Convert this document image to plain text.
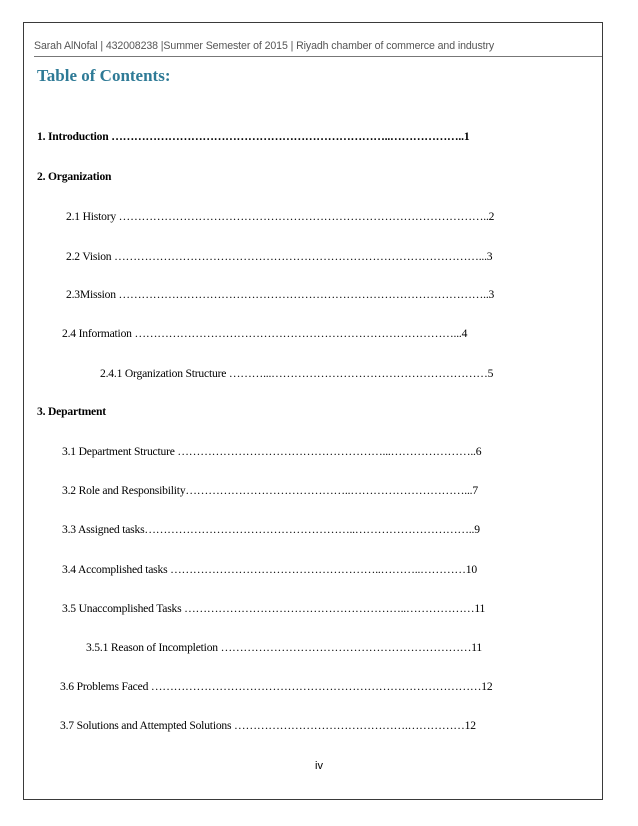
Sarah AlNofal | 432008238 |Summer Semester of 2015 | Riyadh chamber of commerce and industry
Table of Contents:
1. Introduction ………………………………………………………………..………………..1
2. Organization
2.1 History ……………………………………………………………………………………..2
2.2 Vision ……………………………………………………………………………………...3
2.3Mission ……………………………………………………………………………………..3
2.4 Information …………………………………………………………………………...4
2.4.1 Organization Structure ………...…………………………………………………5
3. Department
3.1 Department Structure ………………………………………………...…………………..6
3.2 Role and Responsibility……………………………………..…………………………...7
3.3 Assigned tasks………………………………………………..…………………………..9
3.4 Accomplished tasks ………………………………………………..………..…………10
3.5 Unaccomplished Tasks …………………………………………………..………………11
3.5.1 Reason of Incompletion …………………………………………………………11
3.6 Problems Faced ……………………………………………………………………………12
3.7 Solutions and Attempted Solutions ……………………………………….……………12
iv
